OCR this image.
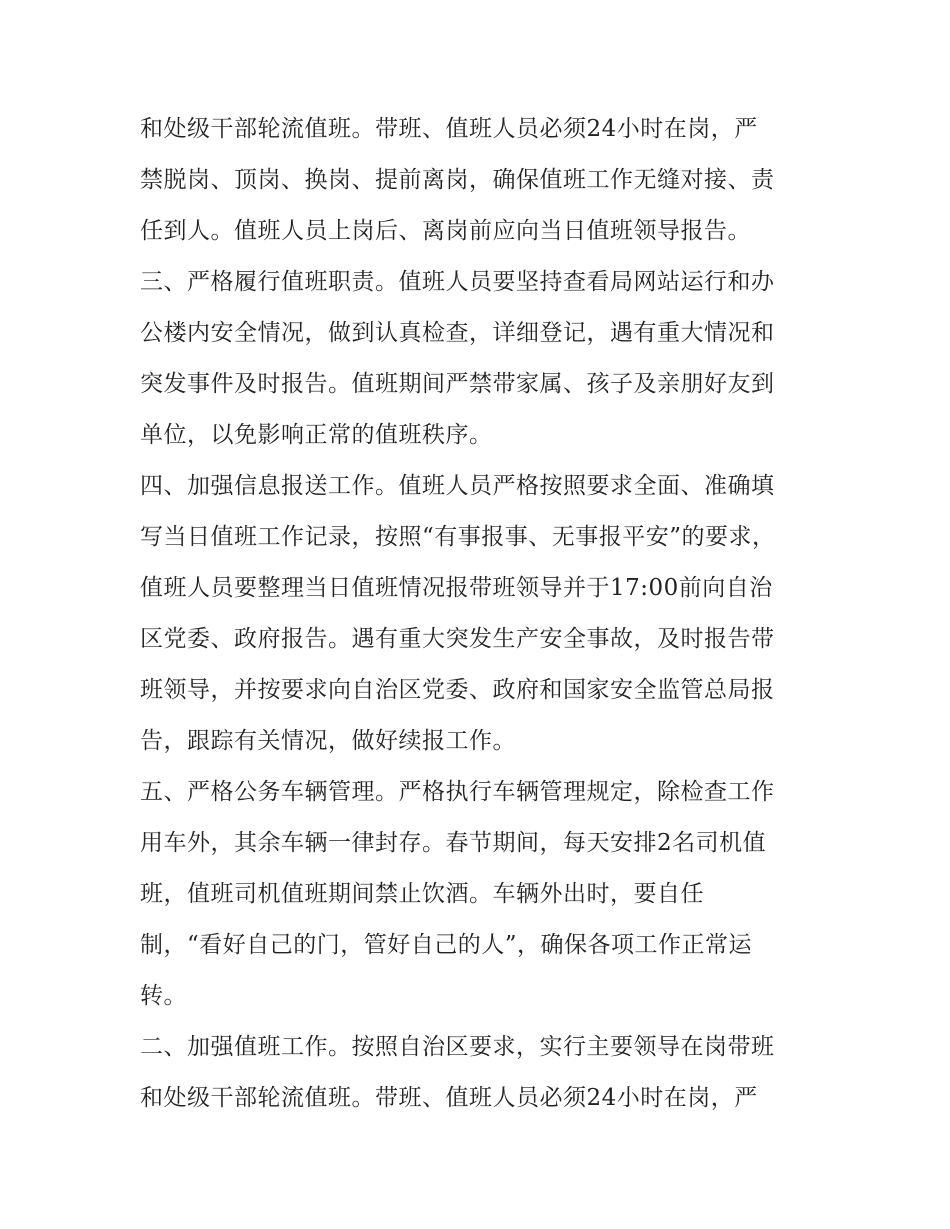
和处级干部轮流值班。带班、值班人员必须24小时在岗，严
禁脱岗、顶岗、换岗、提前离岗，确保值班工作无缝对接、责
任到人。值班人员上岗后、离岗前应向当日值班领导报告。
三、严格履行值班职责。值班人员要坚持查看局网站运行和办
公楼内安全情况，做到认真检查，详细登记，遇有重大情况和
突发事件及时报告。值班期间严禁带家属、孩子及亲朋好友到
单位，以免影响正常的值班秩序。
四、加强信息报送工作。值班人员严格按照要求全面、准确填
写当日值班工作记录，按照“有事报事、无事报平安”的要求，
值班人员要整理当日值班情况报带班领导并于17:00前向自治
区党委、政府报告。遇有重大突发生产安全事故，及时报告带
班领导，并按要求向自治区党委、政府和国家安全监管总局报
告，跟踪有关情况，做好续报工作。
五、严格公务车辆管理。严格执行车辆管理规定，除检查工作
用车外，其余车辆一律封存。春节期间，每天安排2名司机值
班，值班司机值班期间禁止饮酒。车辆外出时，要自任
制，“看好自己的门，管好自己的人”，确保各项工作正常运
转。
二、加强值班工作。按照自治区要求，实行主要领导在岗带班
和处级干部轮流值班。带班、值班人员必须24小时在岗，严
